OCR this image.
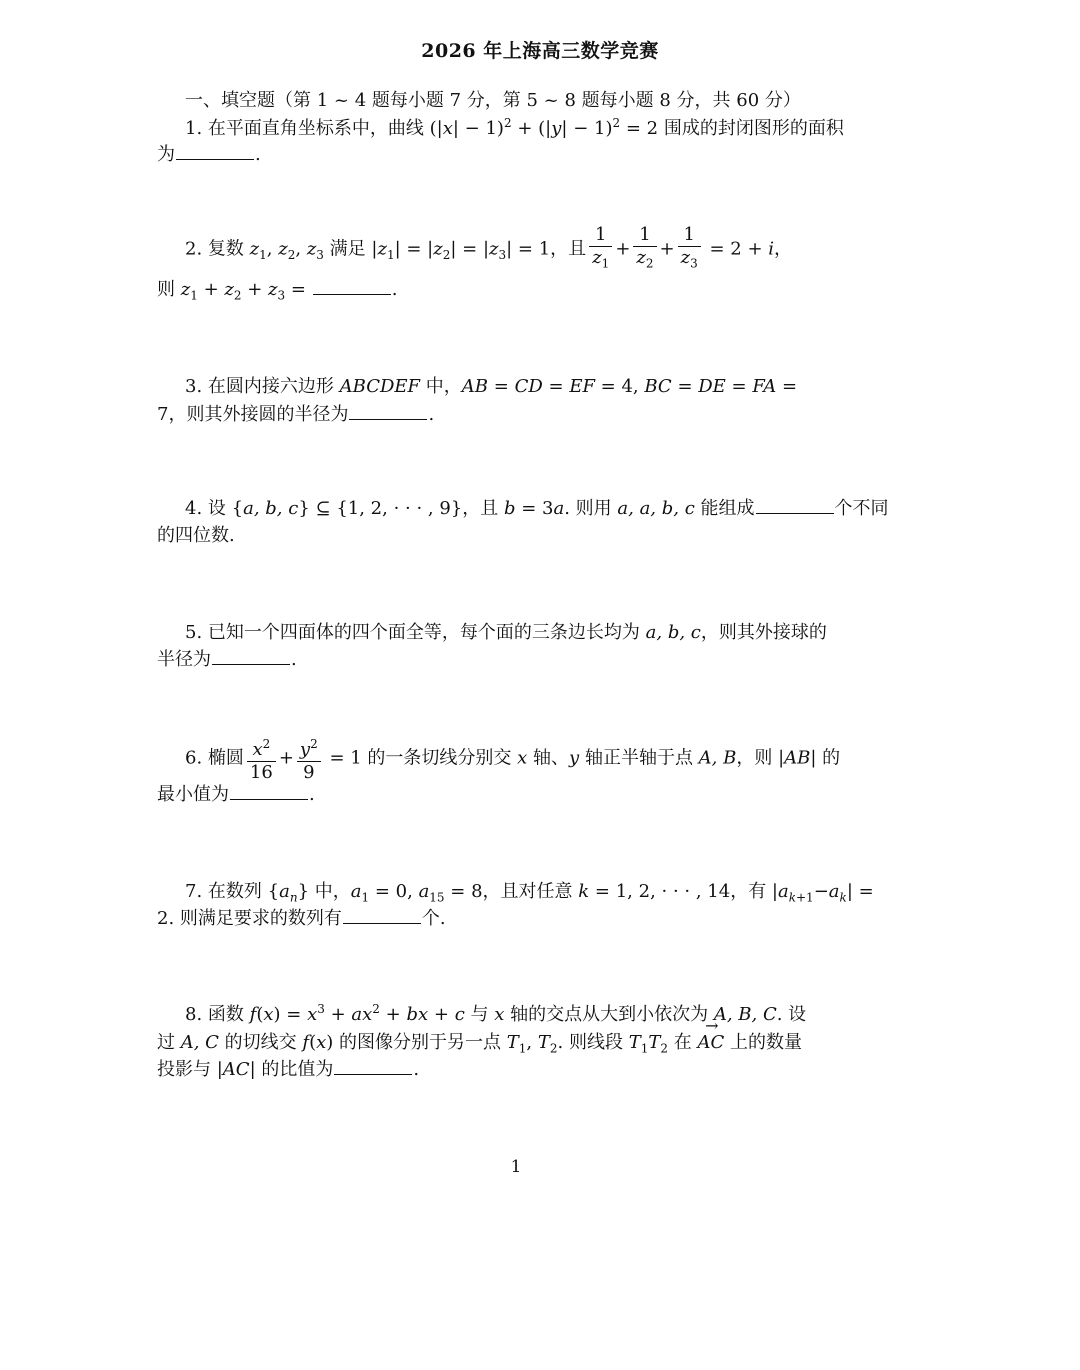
2026 年上海高三数学竞赛
一、填空题（第 1 ~ 4 题每小题 7 分，第 5 ~ 8 题每小题 8 分，共 60 分）
1. 在平面直角坐标系中，曲线 $(|x| - 1)^2 + (|y| - 1)^2 = 2$ 围成的封闭图形的面积
为	.
2. 复数 $z_1$, $z_2$, $z_3$ 满足 $|z_1| = |z_2| = |z_3| = 1$，且 $\frac{1}{z_1} + \frac{1}{z_2} + \frac{1}{z_3} = 2 + i$，
则 $z_1 + z_2 + z_3$ =	.
3. 在圆内接六边形 ABCDEF 中，AB = CD = EF = 4, BC = DE = FA =
7，则其外接圆的半径为	.
4. 设 {a, b, c} ⊆ {1, 2, · · · , 9}，且 b = 3a. 则用 a, a, b, c 能组成	个不同
的四位数.
5. 已知一个四面体的四个面全等，每个面的三条边长均为 a, b, c，则其外接球的
半径为	.
6. 椭圆 $\frac{x^2}{16} + \frac{y^2}{9} = 1$ 的一条切线分别交 x 轴、y 轴正半轴于点 A, B，则 |AB| 的
最小值为	.
7. 在数列 $\{a_n\}$ 中，$a_1 = 0$, $a_{15} = 8$，且对任意 k = 1, 2, · · · , 14，有 $|a_{k+1}-a_k|$ =
2. 则满足要求的数列有	个.
8. 函数 $f(x) = x^3 + ax^2$ + bx + c 与 x 轴的交点从大到小依次为 A, B, C. 设
过 A, C 的切线交 f(x) 的图像分别于另一点 $T_1$, $T_2$. 则线段 $T_1T_2$ 在 → AC 上的数量
投影与 |AC| 的比值为	.
1
